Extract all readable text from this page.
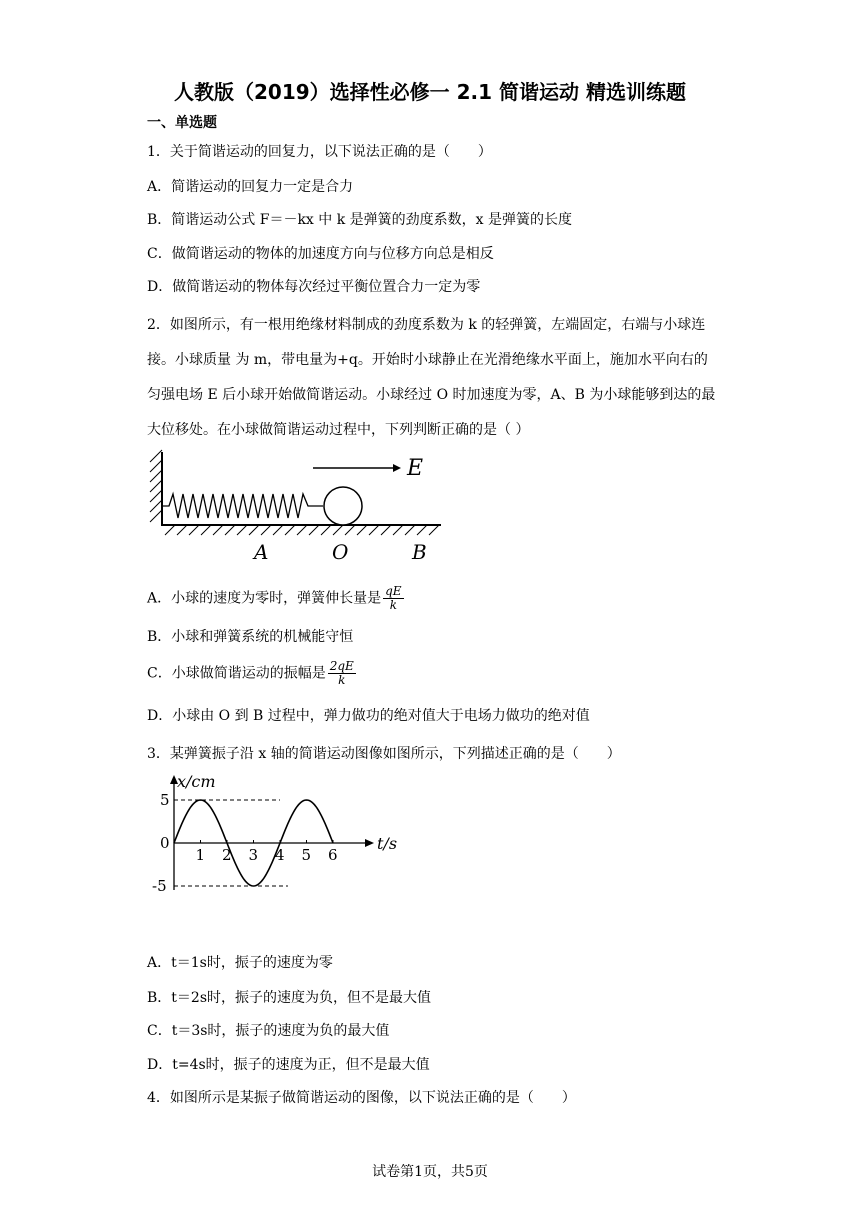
人教版（2019）选择性必修一 2.1 简谐运动 精选训练题
一、单选题
1．关于简谐运动的回复力，以下说法正确的是（　　）
A．简谐运动的回复力一定是合力
B．简谐运动公式 F＝－kx 中 k 是弹簧的劲度系数，x 是弹簧的长度
C．做简谐运动的物体的加速度方向与位移方向总是相反
D．做简谐运动的物体每次经过平衡位置合力一定为零
2．如图所示，有一根用绝缘材料制成的劲度系数为 k 的轻弹簧，左端固定，右端与小球连接。小球质量 为 m，带电量为+q。开始时小球静止在光滑绝缘水平面上，施加水平向右的匀强电场 E 后小球开始做简谐运动。小球经过 O 时加速度为零，A、B 为小球能够到达的最大位移处。在小球做简谐运动过程中，下列判断正确的是（ ）
E
A	O	B
A．小球的速度为零时，弹簧伸长量是 $\frac{qE}{k}$
B．小球和弹簧系统的机械能守恒
C．小球做简谐运动的振幅是 $\frac{2qE}{k}$
D．小球由 O 到 B 过程中，弹力做功的绝对值大于电场力做功的绝对值
3．某弹簧振子沿 x 轴的简谐运动图像如图所示，下列描述正确的是（　　）
1 2 3 4 5 6
5
0
-5
x/cm
t/s
A．t＝1s时，振子的速度为零
B．t＝2s时，振子的速度为负，但不是最大值
C．t＝3s时，振子的速度为负的最大值
D．t=4s时，振子的速度为正，但不是最大值
4．如图所示是某振子做简谐运动的图像，以下说法正确的是（　　）
试卷第1页，共5页
